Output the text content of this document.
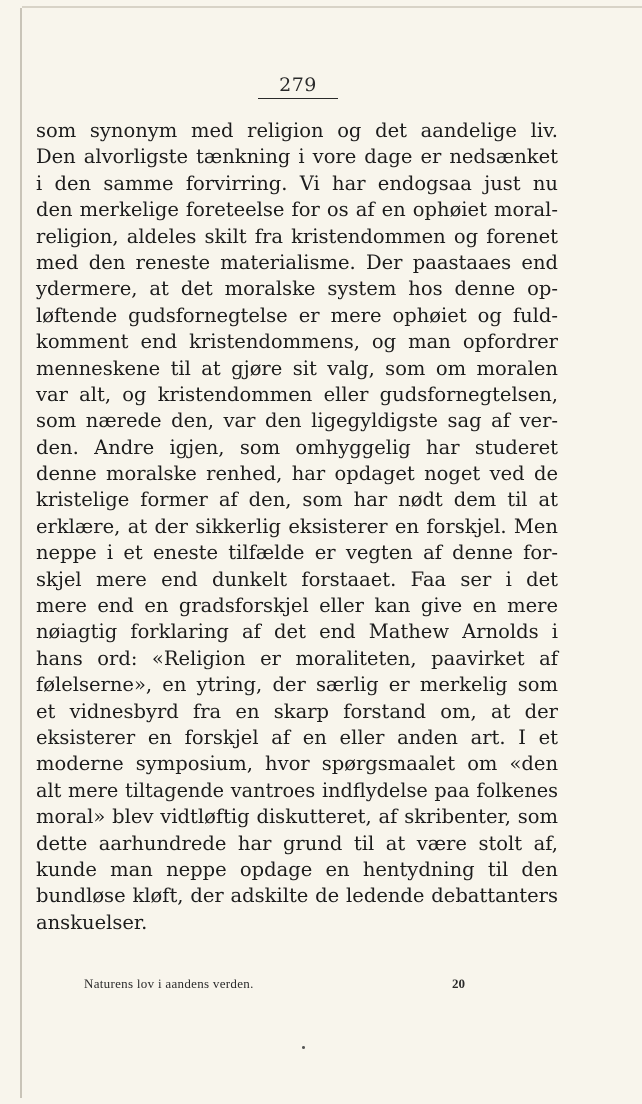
279
som synonym med religion og det aandelige liv.
Den alvorligste tænkning i vore dage er nedsænket
i den samme forvirring. Vi har endogsaa just nu
den merkelige foreteelse for os af en ophøiet moral-
religion, aldeles skilt fra kristendommen og forenet
med den reneste materialisme. Der paastaaes end
ydermere, at det moralske system hos denne op-
løftende gudsfornegtelse er mere ophøiet og fuld-
komment end kristendommens, og man opfordrer
menneskene til at gjøre sit valg, som om moralen
var alt, og kristendommen eller gudsfornegtelsen,
som nærede den, var den ligegyldigste sag af ver-
den. Andre igjen, som omhyggelig har studeret
denne moralske renhed, har opdaget noget ved de
kristelige former af den, som har nødt dem til at
erklære, at der sikkerlig eksisterer en forskjel. Men
neppe i et eneste tilfælde er vegten af denne for-
skjel mere end dunkelt forstaaet. Faa ser i det
mere end en gradsforskjel eller kan give en mere
nøiagtig forklaring af det end Mathew Arnolds i
hans ord: «Religion er moraliteten, paavirket af
følelserne», en ytring, der særlig er merkelig som
et vidnesbyrd fra en skarp forstand om, at der
eksisterer en forskjel af en eller anden art. I et
moderne symposium, hvor spørgsmaalet om «den
alt mere tiltagende vantroes indflydelse paa folkenes
moral» blev vidtløftig diskutteret, af skribenter, som
dette aarhundrede har grund til at være stolt af,
kunde man neppe opdage en hentydning til den
bundløse kløft, der adskilte de ledende debattanters
anskuelser.
Naturens lov i aandens verden.	20
